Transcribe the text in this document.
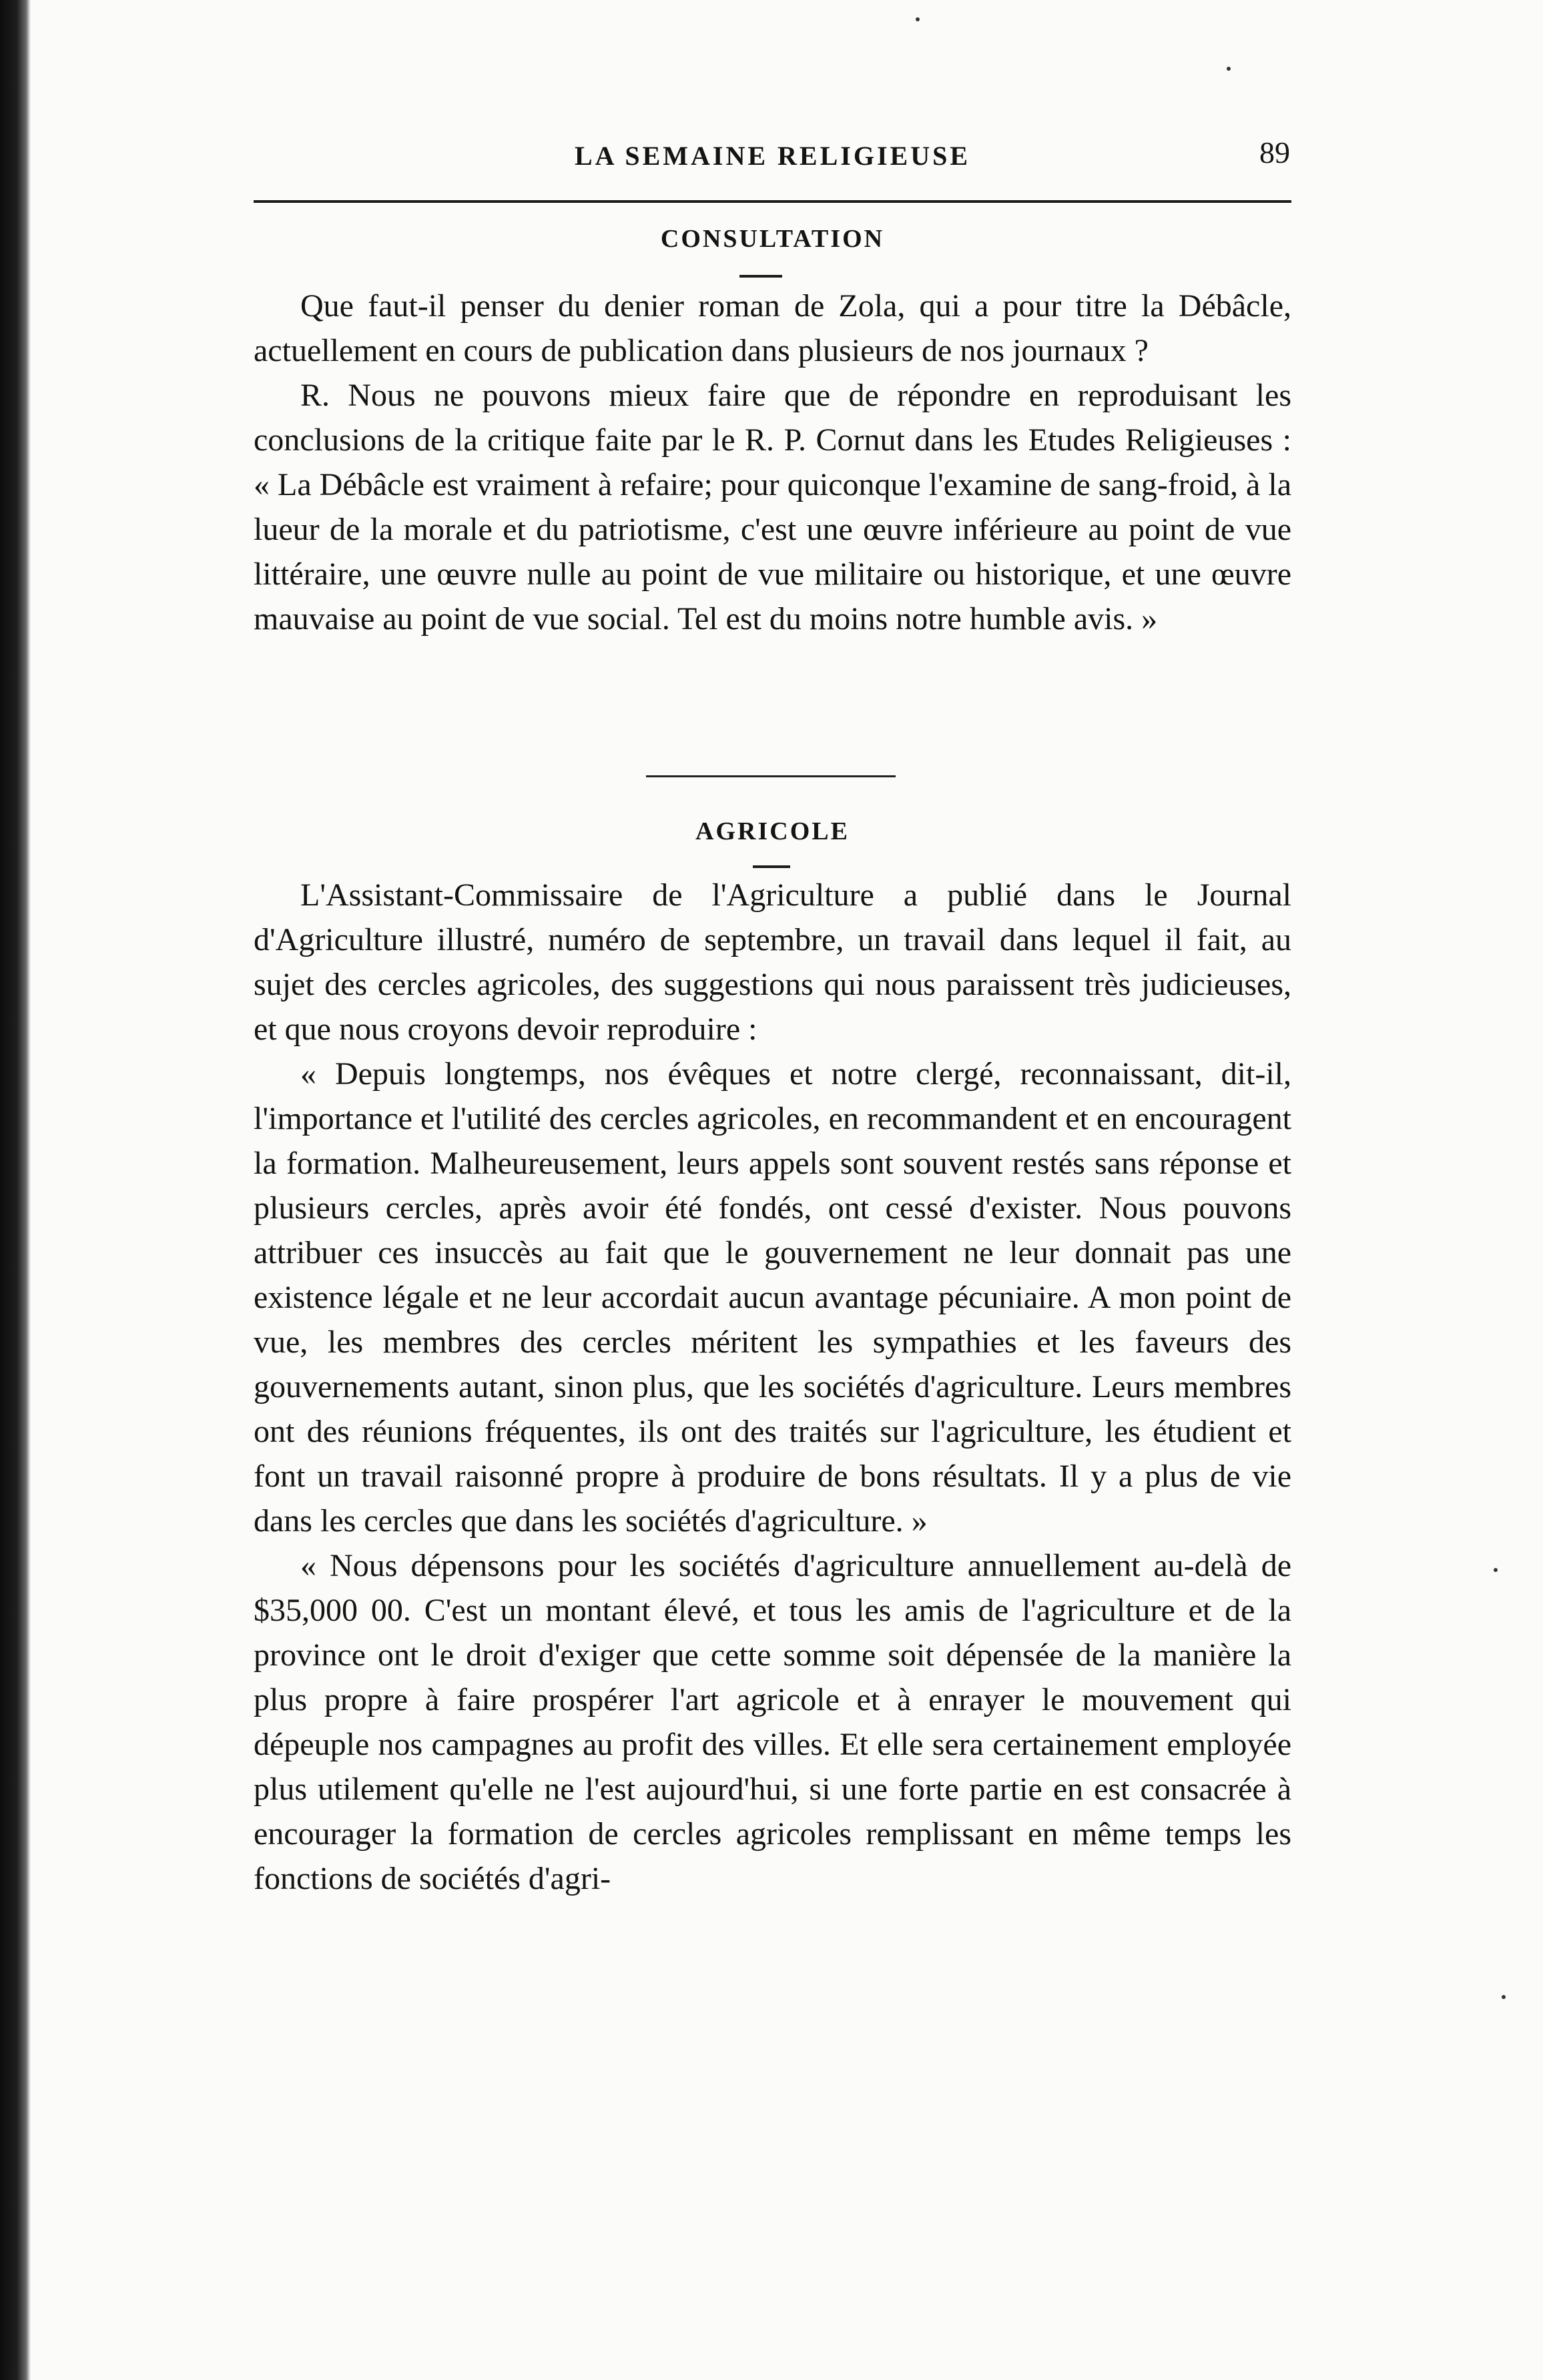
LA SEMAINE RELIGIEUSE	89
CONSULTATION

Que faut-il penser du denier roman de Zola, qui a pour titre la Débâcle, actuellement en cours de publication dans plusieurs de nos journaux ?

R. Nous ne pouvons mieux faire que de répondre en reproduisant les conclusions de la critique faite par le R. P. Cornut dans les Etudes Religieuses : « La Débâcle est vraiment à refaire; pour quiconque l'examine de sang-froid, à la lueur de la morale et du patriotisme, c'est une œuvre inférieure au point de vue littéraire, une œuvre nulle au point de vue militaire ou historique, et une œuvre mauvaise au point de vue social. Tel est du moins notre humble avis. »

AGRICOLE

L'Assistant-Commissaire de l'Agriculture a publié dans le Journal d'Agriculture illustré, numéro de septembre, un travail dans lequel il fait, au sujet des cercles agricoles, des suggestions qui nous paraissent très judicieuses, et que nous croyons devoir reproduire :

« Depuis longtemps, nos évêques et notre clergé, reconnaissant, dit-il, l'importance et l'utilité des cercles agricoles, en recommandent et en encouragent la formation. Malheureusement, leurs appels sont souvent restés sans réponse et plusieurs cercles, après avoir été fondés, ont cessé d'exister. Nous pouvons attribuer ces insuccès au fait que le gouvernement ne leur donnait pas une existence légale et ne leur accordait aucun avantage pécuniaire. A mon point de vue, les membres des cercles méritent les sympathies et les faveurs des gouvernements autant, sinon plus, que les sociétés d'agriculture. Leurs membres ont des réunions fréquentes, ils ont des traités sur l'agriculture, les étudient et font un travail raisonné propre à produire de bons résultats. Il y a plus de vie dans les cercles que dans les sociétés d'agriculture. »

« Nous dépensons pour les sociétés d'agriculture annuellement au-delà de $35,000 00. C'est un montant élevé, et tous les amis de l'agriculture et de la province ont le droit d'exiger que cette somme soit dépensée de la manière la plus propre à faire prospérer l'art agricole et à enrayer le mouvement qui dépeuple nos campagnes au profit des villes. Et elle sera certainement employée plus utilement qu'elle ne l'est aujourd'hui, si une forte partie en est consacrée à encourager la formation de cercles agricoles remplissant en même temps les fonctions de sociétés d'agri-
